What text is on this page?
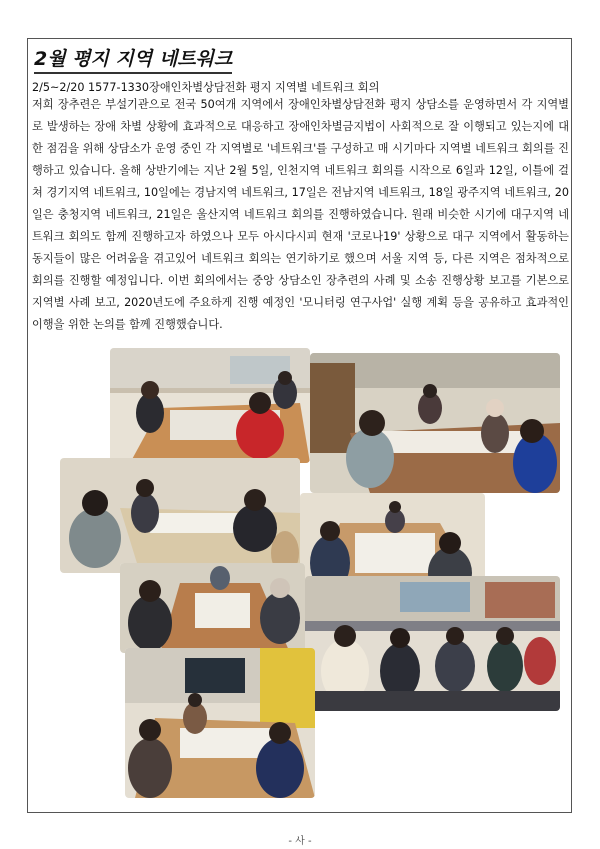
2월 평지 지역 네트워크

2/5~2/20 1577-1330장애인차별상담전화 평지 지역별 네트워크 회의

저희 장추련은 부설기관으로 전국 50여개 지역에서 장애인차별상담전화 평지 상담소를 운영하면서 각 지역별로 발생하는 장애 차별 상황에 효과적으로 대응하고 장애인차별금지법이 사회적으로 잘 이행되고 있는지에 대한 점검을 위해 상담소가 운영 중인 각 지역별로 '네트워크'를 구성하고 매 시기마다 지역별 네트워크 회의를 진행하고 있습니다. 올해 상반기에는 지난 2월 5일, 인천지역 네트워크 회의를 시작으로 6일과 12일, 이틀에 걸쳐 경기지역 네트워크, 10일에는 경남지역 네트워크, 17일은 전남지역 네트워크, 18일 광주지역 네트워크, 20일은 충청지역 네트워크, 21일은 울산지역 네트워크 회의를 진행하였습니다. 원래 비슷한 시기에 대구지역 네트워크 회의도 함께 진행하고자 하였으나 모두 아시다시피 현재 '코로나19' 상황으로 대구 지역에서 활동하는 동지들이 많은 어려움을 겪고있어 네트워크 회의는 연기하기로 했으며 서울 지역 등, 다른 지역은 점차적으로 회의를 진행할 예정입니다. 이번 회의에서는 중앙 상담소인 장추련의 사례 및 소송 진행상황 보고를 기본으로 지역별 사례 보고, 2020년도에 주요하게 진행 예정인 '모니터링 연구사업' 실행 계획 등을 공유하고 효과적인 이행을 위한 논의를 함께 진행했습니다.

- 사 -
